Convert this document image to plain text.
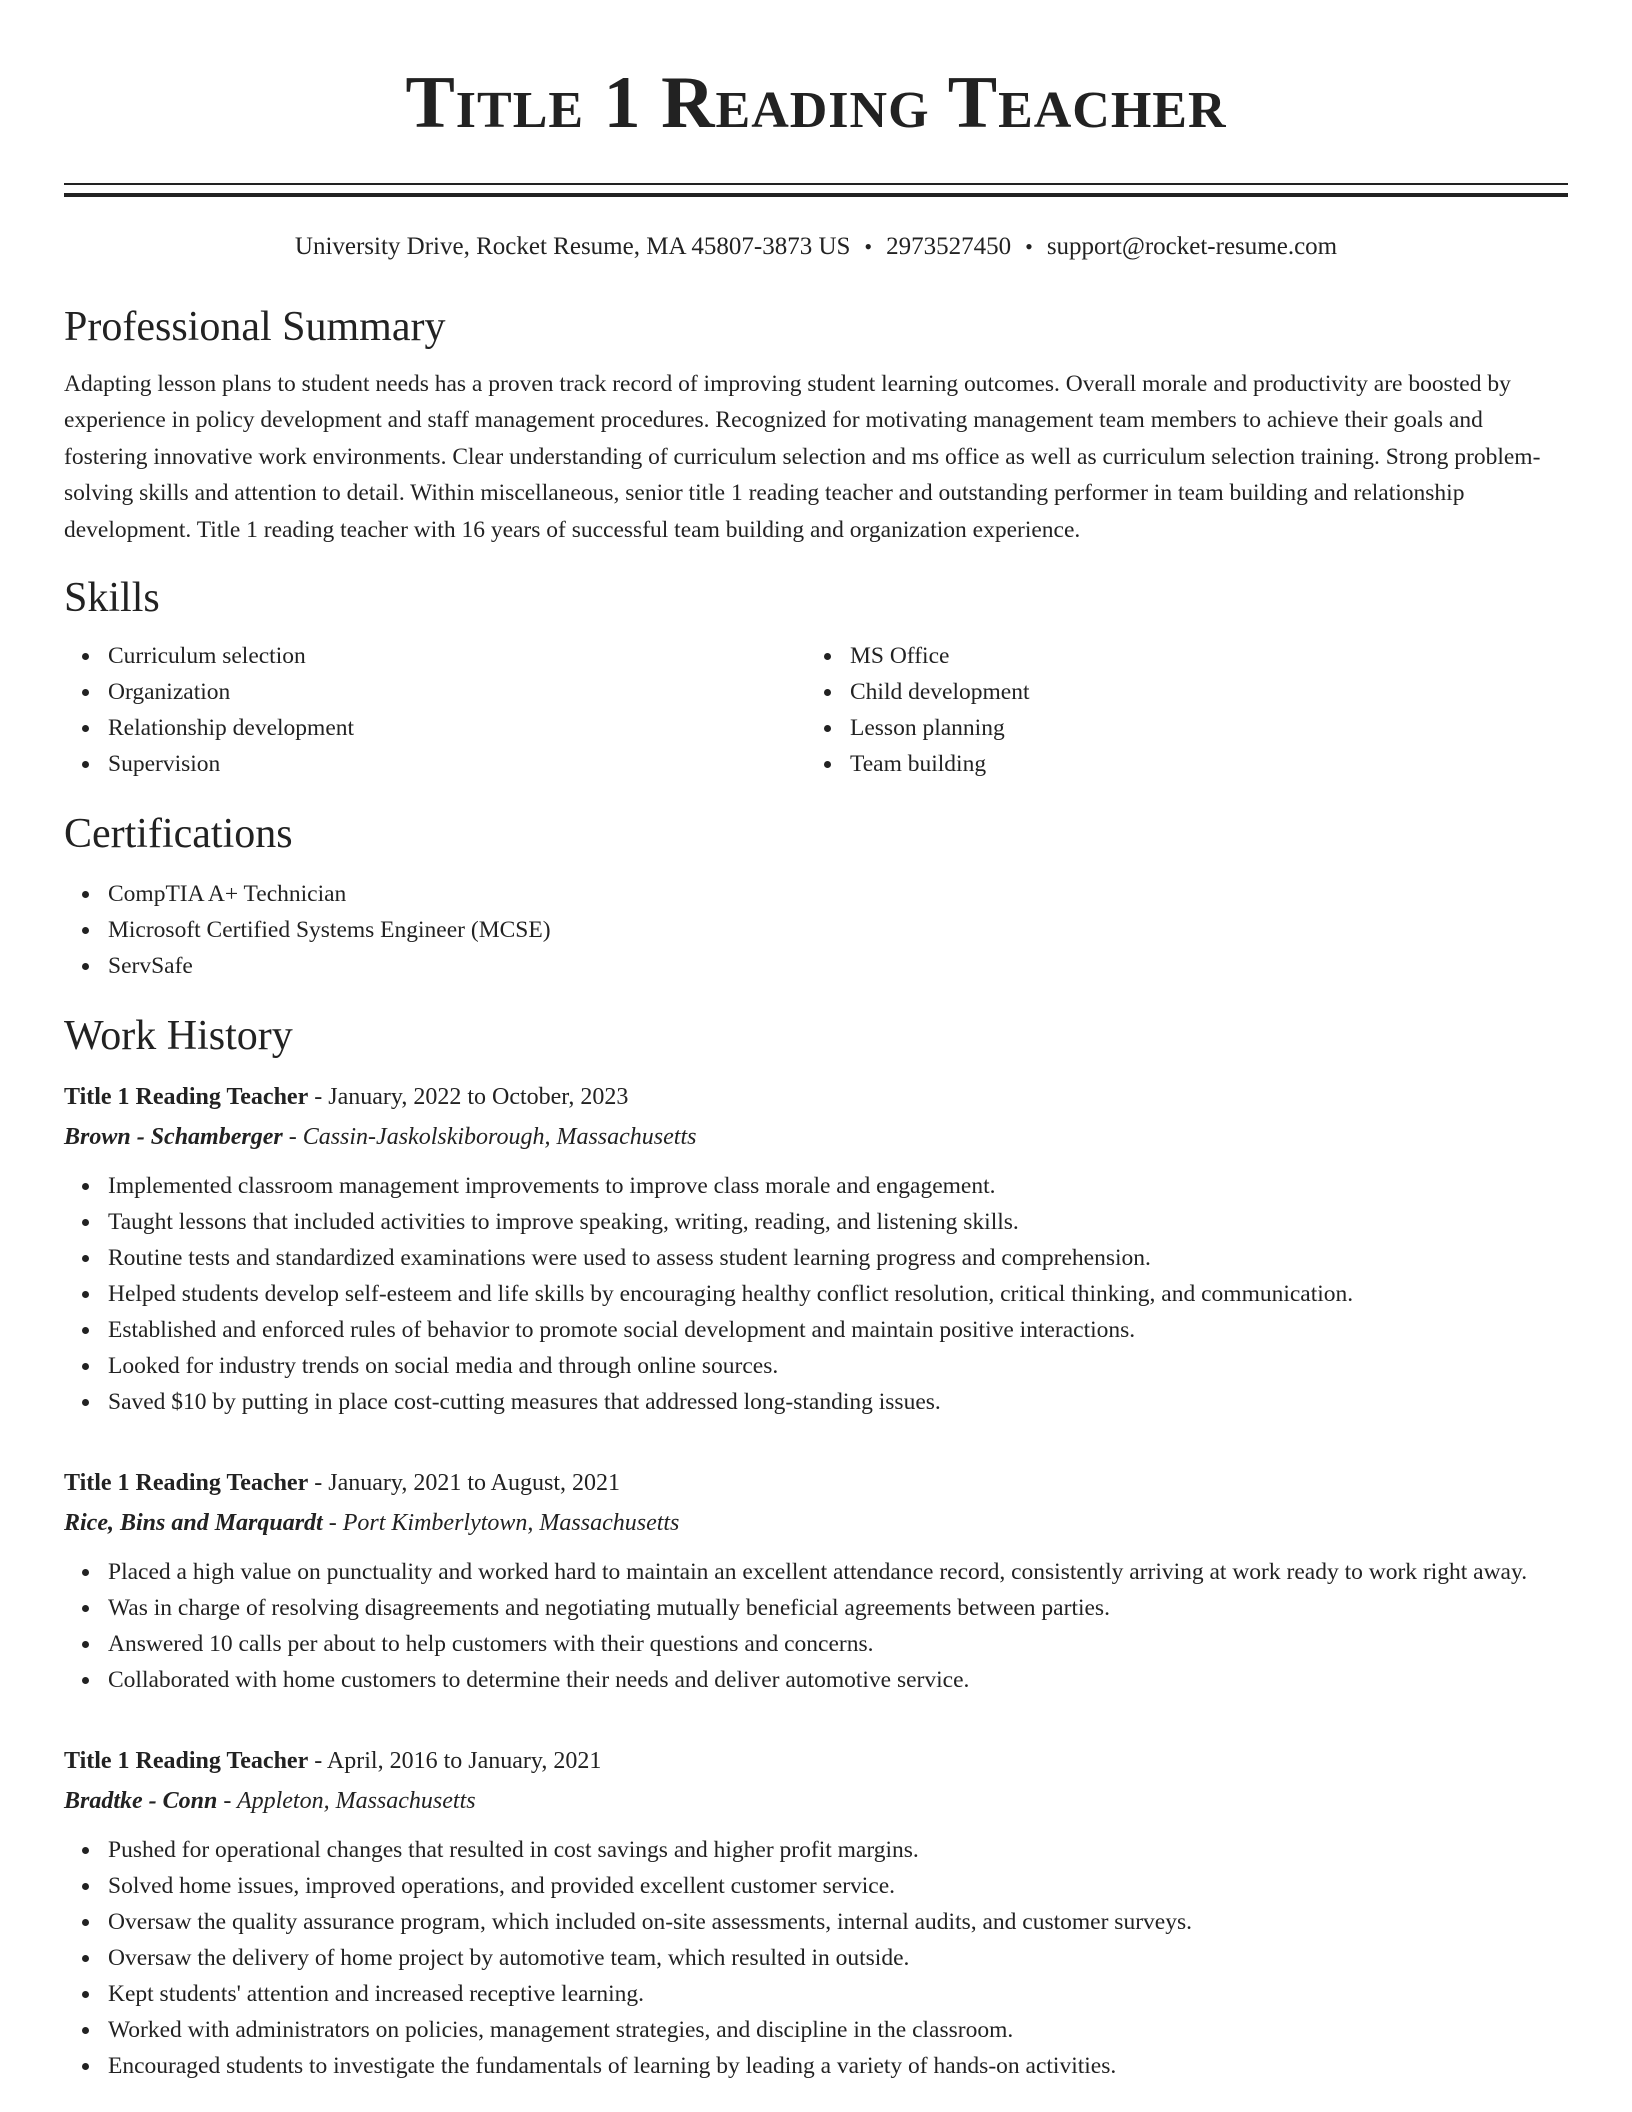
Title 1 Reading Teacher
University Drive, Rocket Resume, MA 45807-3873 US • 2973527450 • support@rocket-resume.com
Professional Summary

Adapting lesson plans to student needs has a proven track record of improving student learning outcomes. Overall morale and productivity are boosted by experience in policy development and staff management procedures. Recognized for motivating management team members to achieve their goals and fostering innovative work environments. Clear understanding of curriculum selection and ms office as well as curriculum selection training. Strong problem-solving skills and attention to detail. Within miscellaneous, senior title 1 reading teacher and outstanding performer in team building and relationship development. Title 1 reading teacher with 16 years of successful team building and organization experience.

Skills
Curriculum selection
Organization
Relationship development
Supervision
MS Office
Child development
Lesson planning
Team building
Certifications
CompTIA A+ Technician
Microsoft Certified Systems Engineer (MCSE)
ServSafe
Work History
Title 1 Reading Teacher - January, 2022 to October, 2023
Brown - Schamberger - Cassin-Jaskolskiborough, Massachusetts
Implemented classroom management improvements to improve class morale and engagement.
Taught lessons that included activities to improve speaking, writing, reading, and listening skills.
Routine tests and standardized examinations were used to assess student learning progress and comprehension.
Helped students develop self-esteem and life skills by encouraging healthy conflict resolution, critical thinking, and communication.
Established and enforced rules of behavior to promote social development and maintain positive interactions.
Looked for industry trends on social media and through online sources.
Saved $10 by putting in place cost-cutting measures that addressed long-standing issues.
Title 1 Reading Teacher - January, 2021 to August, 2021
Rice, Bins and Marquardt - Port Kimberlytown, Massachusetts
Placed a high value on punctuality and worked hard to maintain an excellent attendance record, consistently arriving at work ready to work right away.
Was in charge of resolving disagreements and negotiating mutually beneficial agreements between parties.
Answered 10 calls per about to help customers with their questions and concerns.
Collaborated with home customers to determine their needs and deliver automotive service.
Title 1 Reading Teacher - April, 2016 to January, 2021
Bradtke - Conn - Appleton, Massachusetts
Pushed for operational changes that resulted in cost savings and higher profit margins.
Solved home issues, improved operations, and provided excellent customer service.
Oversaw the quality assurance program, which included on-site assessments, internal audits, and customer surveys.
Oversaw the delivery of home project by automotive team, which resulted in outside.
Kept students' attention and increased receptive learning.
Worked with administrators on policies, management strategies, and discipline in the classroom.
Encouraged students to investigate the fundamentals of learning by leading a variety of hands-on activities.
